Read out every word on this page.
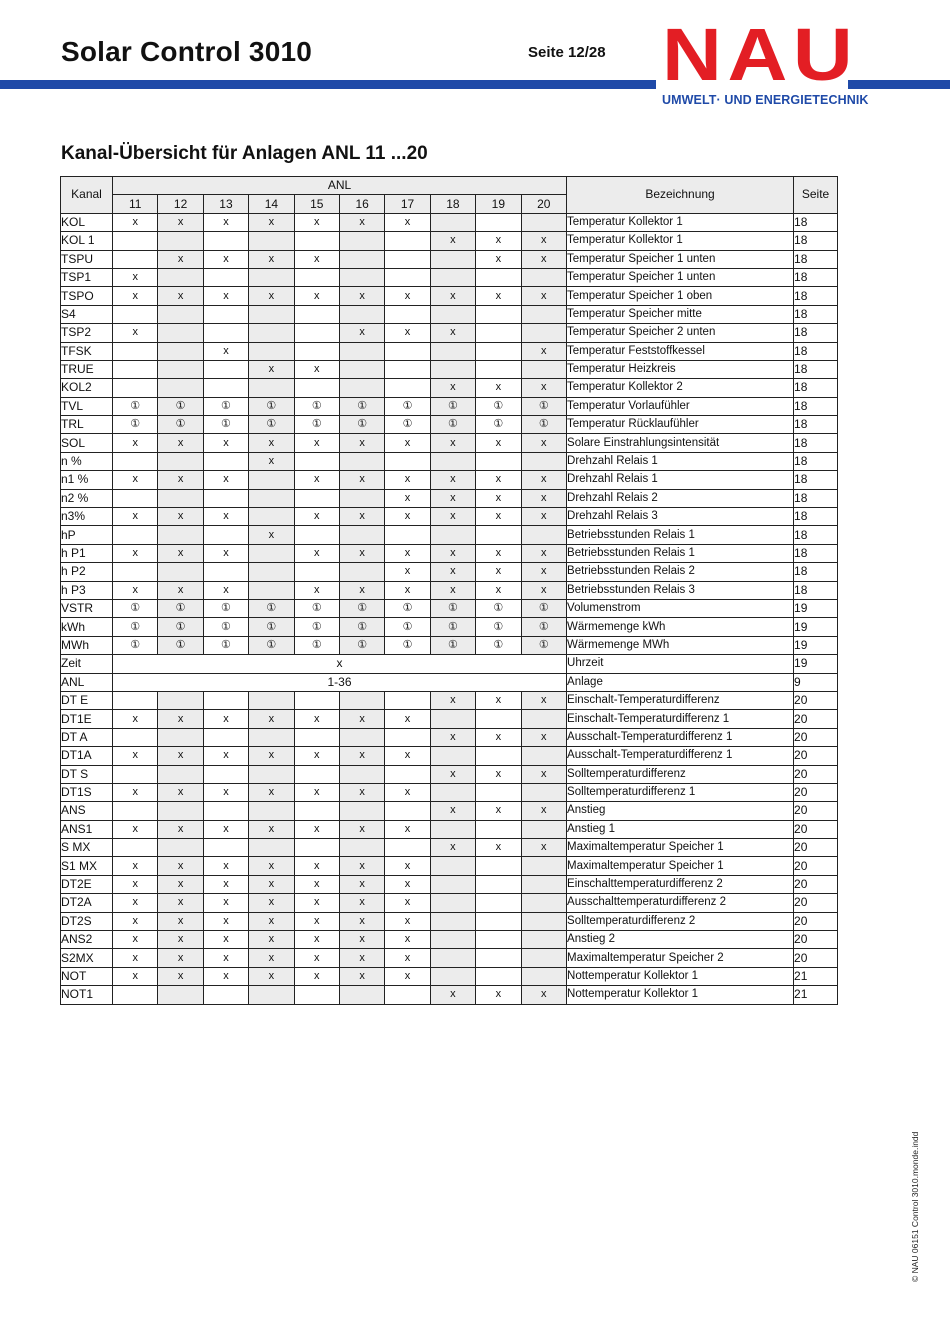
Solar Control 3010	Seite 12/28 NAU
UMWELT· UND ENERGIETECHNIK
Kanal-Übersicht für Anlagen ANL 11 ...20
Kanal	ANL										Bezeichnung	Seite
	11	12	13	14	15	16	17	18	19	20		
KOL	x	x	x	x	x	x	x				Temperatur Kollektor 1	18
KOL 1								x	x	x	Temperatur Kollektor 1	18
TSPU		x	x	x	x				x	x	Temperatur Speicher 1 unten	18
TSP1	x										Temperatur Speicher 1 unten	18
TSPO	x	x	x	x	x	x	x	x	x	x	Temperatur Speicher 1 oben	18
S4											Temperatur Speicher mitte	18
TSP2	x					x	x	x			Temperatur Speicher 2 unten	18
TFSK			x							x	Temperatur Feststoffkessel	18
TRUE				x	x						Temperatur Heizkreis	18
KOL2								x	x	x	Temperatur Kollektor 2	18
TVL	①	①	①	①	①	①	①	①	①	①	Temperatur Vorlaufühler	18
TRL	①	①	①	①	①	①	①	①	①	①	Temperatur Rücklaufühler	18
SOL	x	x	x	x	x	x	x	x	x	x	Solare Einstrahlungsintensität	18
n %				x							Drehzahl Relais 1	18
n1 %	x	x	x		x	x	x	x	x	x	Drehzahl Relais 1	18
n2 %							x	x	x	x	Drehzahl Relais 2	18
n3%	x	x	x		x	x	x	x	x	x	Drehzahl Relais 3	18
hP				x							Betriebsstunden Relais 1	18
h P1	x	x	x		x	x	x	x	x	x	Betriebsstunden Relais 1	18
h P2							x	x	x	x	Betriebsstunden Relais 2	18
h P3	x	x	x		x	x	x	x	x	x	Betriebsstunden Relais 3	18
VSTR	①	①	①	①	①	①	①	①	①	①	Volumenstrom	19
kWh	①	①	①	①	①	①	①	①	①	①	Wärmemenge kWh	19
MWh	①	①	①	①	①	①	①	①	①	①	Wärmemenge MWh	19
Zeit	x										Uhrzeit	19
ANL	1-36										Anlage	9
DT E								x	x	x	Einschalt-Temperaturdifferenz	20
DT1E	x	x	x	x	x	x	x				Einschalt-Temperaturdifferenz 1	20
DT A								x	x	x	Ausschalt-Temperaturdifferenz 1	20
DT1A	x	x	x	x	x	x	x				Ausschalt-Temperaturdifferenz 1	20
DT S								x	x	x	Solltemperaturdifferenz	20
DT1S	x	x	x	x	x	x	x				Solltemperaturdifferenz 1	20
ANS								x	x	x	Anstieg	20
ANS1	x	x	x	x	x	x	x				Anstieg 1	20
S MX								x	x	x	Maximaltemperatur Speicher 1	20
S1 MX	x	x	x	x	x	x	x				Maximaltemperatur Speicher 1	20
DT2E	x	x	x	x	x	x	x				Einschalttemperaturdifferenz 2	20
DT2A	x	x	x	x	x	x	x				Ausschalttemperaturdifferenz 2	20
DT2S	x	x	x	x	x	x	x				Solltemperaturdifferenz 2	20
ANS2	x	x	x	x	x	x	x				Anstieg 2	20
S2MX	x	x	x	x	x	x	x				Maximaltemperatur Speicher 2	20
NOT	x	x	x	x	x	x	x				Nottemperatur Kollektor 1	21
NOT1								x	x	x	Nottemperatur Kollektor 1	21
© NAU 06151 Control 3010.monde.indd
